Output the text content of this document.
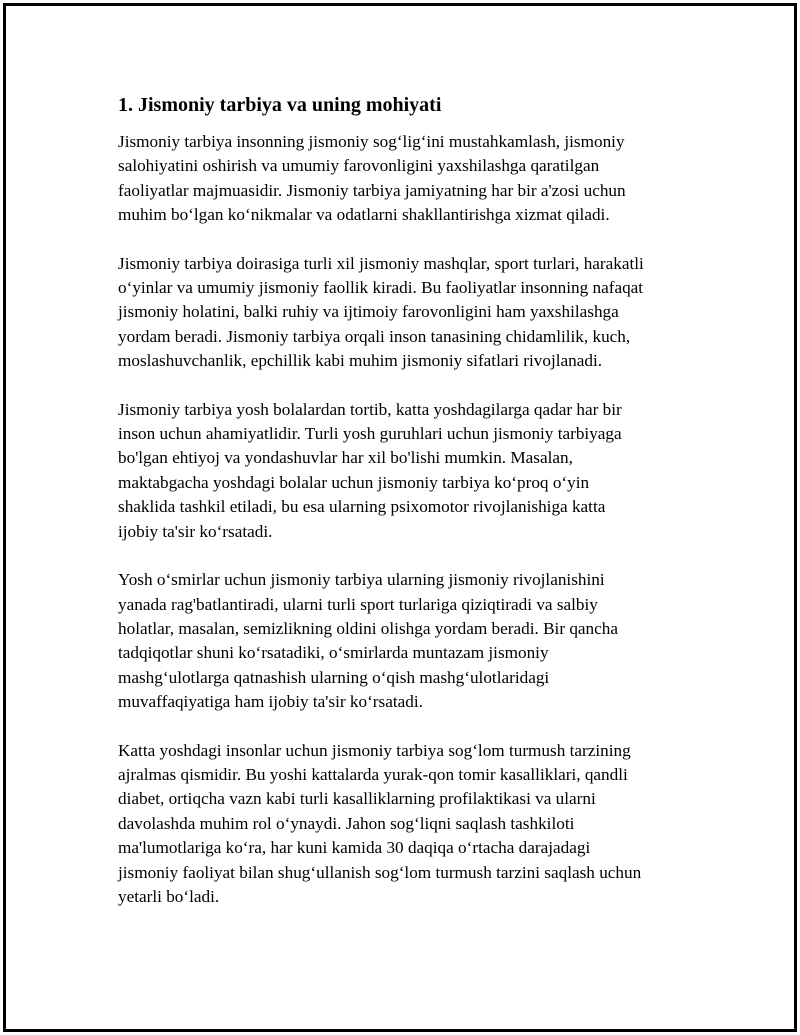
1. Jismoniy tarbiya va uning mohiyati
Jismoniy tarbiya insonning jismoniy sog‘lig‘ini mustahkamlash, jismoniy
salohiyatini oshirish va umumiy farovonligini yaxshilashga qaratilgan
faoliyatlar majmuasidir. Jismoniy tarbiya jamiyatning har bir a'zosi uchun
muhim bo‘lgan ko‘nikmalar va odatlarni shakllantirishga xizmat qiladi.
Jismoniy tarbiya doirasiga turli xil jismoniy mashqlar, sport turlari, harakatli
o‘yinlar va umumiy jismoniy faollik kiradi. Bu faoliyatlar insonning nafaqat
jismoniy holatini, balki ruhiy va ijtimoiy farovonligini ham yaxshilashga
yordam beradi. Jismoniy tarbiya orqali inson tanasining chidamlilik, kuch,
moslashuvchanlik, epchillik kabi muhim jismoniy sifatlari rivojlanadi.
Jismoniy tarbiya yosh bolalardan tortib, katta yoshdagilarga qadar har bir
inson uchun ahamiyatlidir. Turli yosh guruhlari uchun jismoniy tarbiyaga
bo'lgan ehtiyoj va yondashuvlar har xil bo'lishi mumkin. Masalan,
maktabgacha yoshdagi bolalar uchun jismoniy tarbiya ko‘proq o‘yin
shaklida tashkil etiladi, bu esa ularning psixomotor rivojlanishiga katta
ijobiy ta'sir ko‘rsatadi.
Yosh o‘smirlar uchun jismoniy tarbiya ularning jismoniy rivojlanishini
yanada rag'batlantiradi, ularni turli sport turlariga qiziqtiradi va salbiy
holatlar, masalan, semizlikning oldini olishga yordam beradi. Bir qancha
tadqiqotlar shuni ko‘rsatadiki, o‘smirlarda muntazam jismoniy
mashg‘ulotlarga qatnashish ularning o‘qish mashg‘ulotlaridagi
muvaffaqiyatiga ham ijobiy ta'sir ko‘rsatadi.
Katta yoshdagi insonlar uchun jismoniy tarbiya sog‘lom turmush tarzining
ajralmas qismidir. Bu yoshi kattalarda yurak-qon tomir kasalliklari, qandli
diabet, ortiqcha vazn kabi turli kasalliklarning profilaktikasi va ularni
davolashda muhim rol o‘ynaydi. Jahon sog‘liqni saqlash tashkiloti
ma'lumotlariga ko‘ra, har kuni kamida 30 daqiqa o‘rtacha darajadagi
jismoniy faoliyat bilan shug‘ullanish sog‘lom turmush tarzini saqlash uchun
yetarli bo‘ladi.
